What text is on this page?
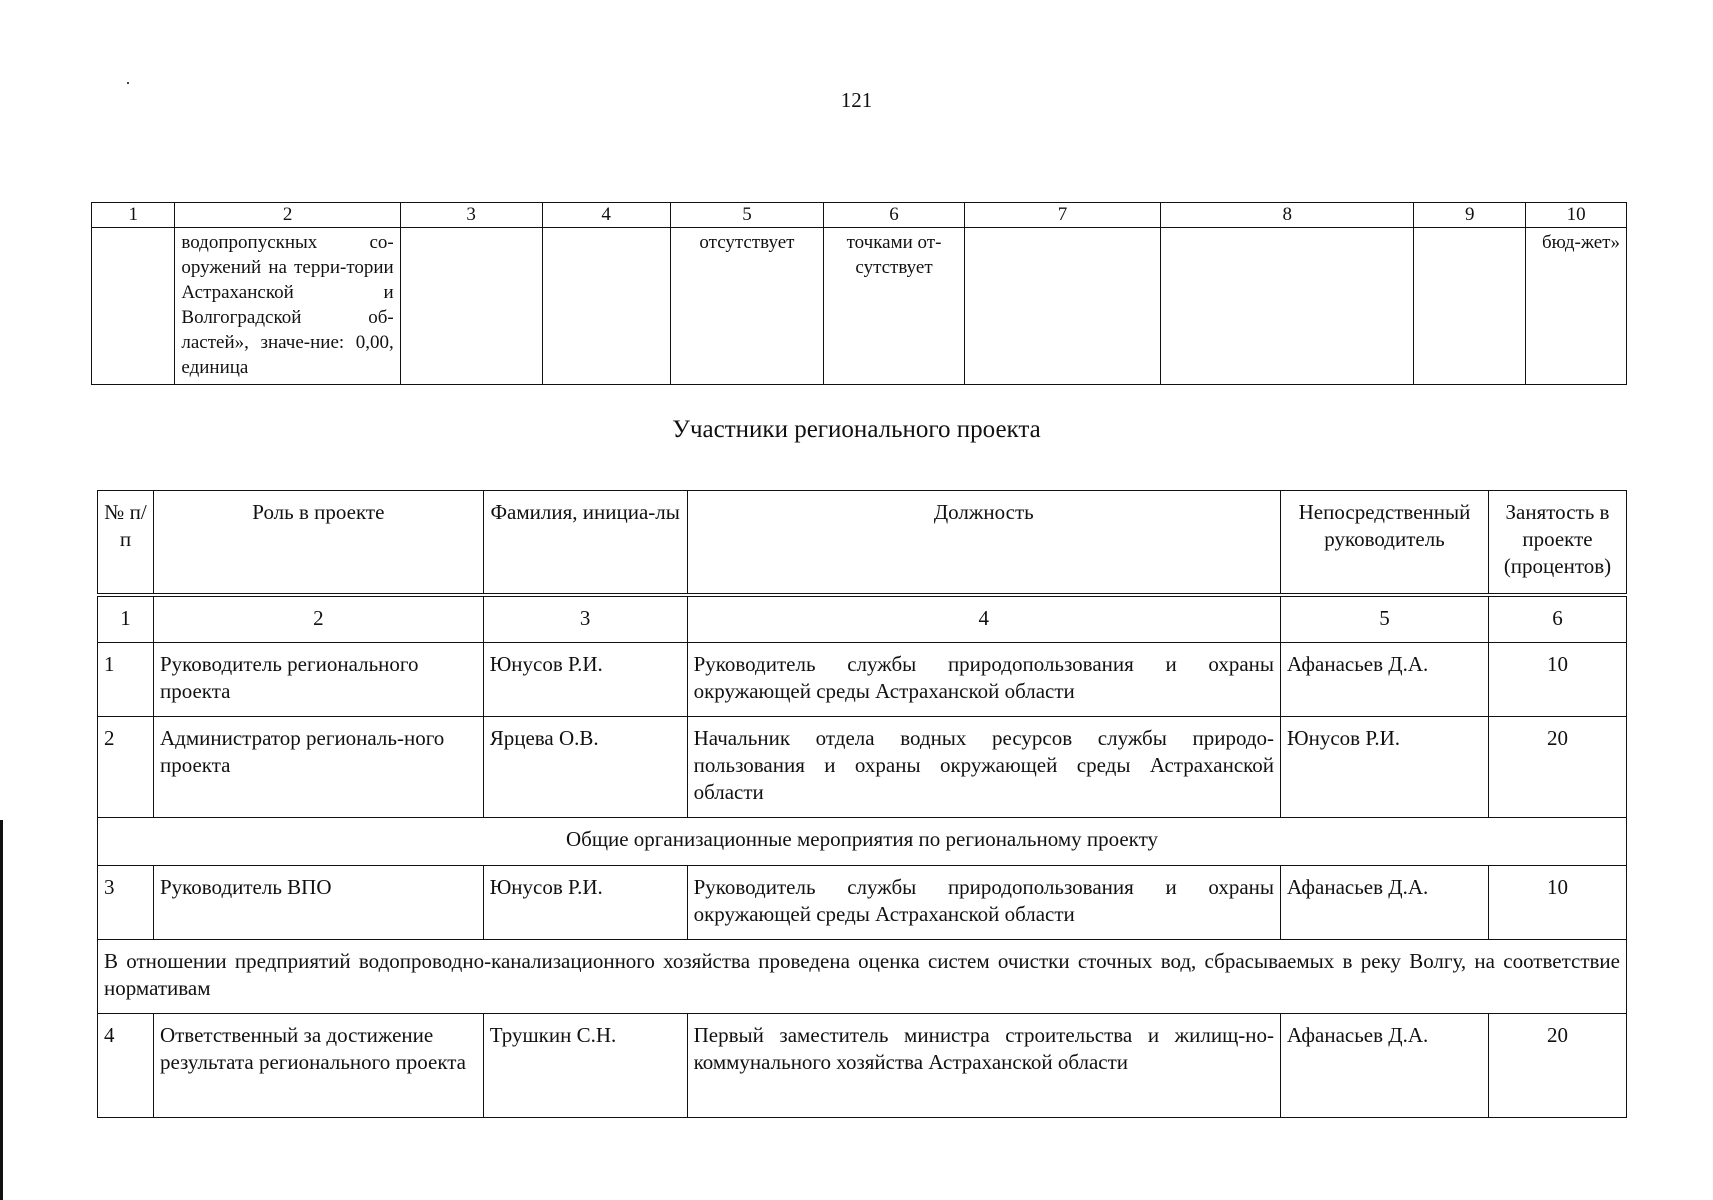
121
1	2	3	4	5	6	7	8	9	10
	водопропускных со-оружений на терри-тории Астраханской и Волгоградской об-ластей», значе-ние: 0,00, единица			отсутствует	точками от-сутствует				бюд-жет»
Участники регионального проекта
№ п/п	Роль в проекте	Фамилия, инициа-лы	Должность	Непосредственный руководитель	Занятость в проекте (процентов)
1	2	3	4	5	6
1	Руководитель регионального проекта	Юнусов Р.И.	Руководитель службы природопользования и охраны окружающей среды Астраханской области	Афанасьев Д.А.	10
2	Администратор региональ-ного проекта	Ярцева О.В.	Начальник отдела водных ресурсов службы природо-пользования и охраны окружающей среды Астраханской области	Юнусов Р.И.	20
Общие организационные мероприятия по региональному проекту					
3	Руководитель ВПО	Юнусов Р.И.	Руководитель службы природопользования и охраны окружающей среды Астраханской области	Афанасьев Д.А.	10
В отношении предприятий водопроводно-канализационного хозяйства проведена оценка систем очистки сточных вод, сбрасываемых в реку Волгу, на соответствие нормативам					
4	Ответственный за достижение результата регионального проекта	Трушкин С.Н.	Первый заместитель министра строительства и жилищ-но-коммунального хозяйства Астраханской области	Афанасьев Д.А.	20
